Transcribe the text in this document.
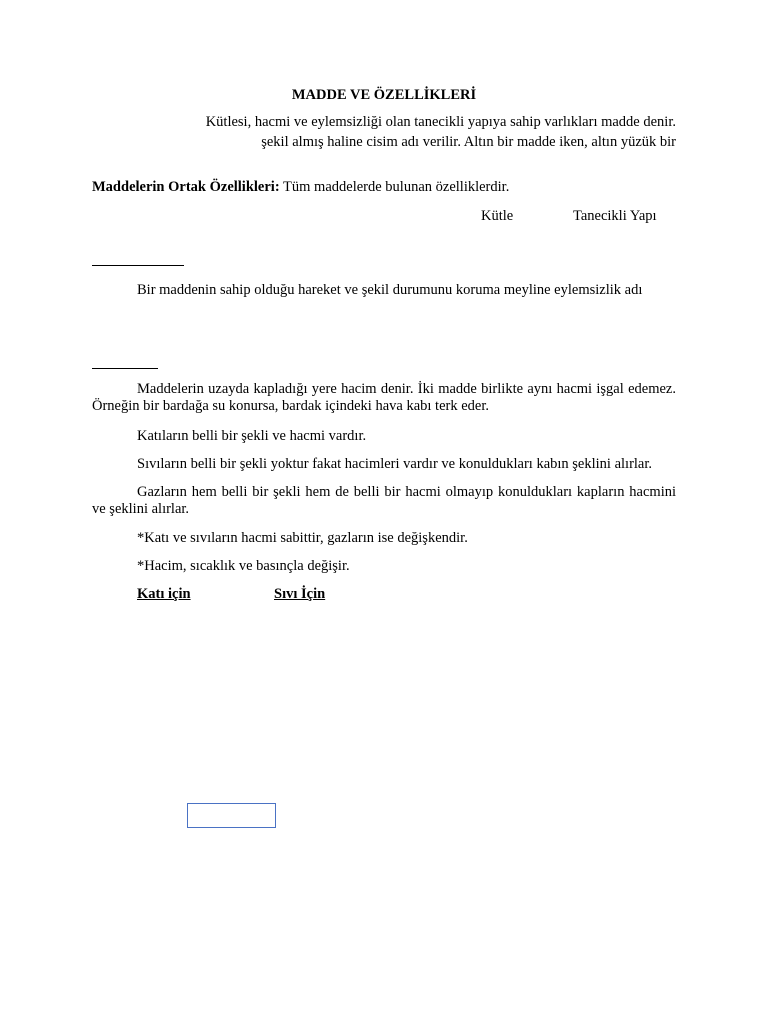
MADDE VE ÖZELLİKLERİ
Kütlesi, hacmi ve eylemsizliği olan tanecikli yapıya sahip varlıkları madde denir.
şekil almış haline cisim adı verilir. Altın bir madde iken, altın yüzük bir
Maddelerin Ortak Özellikleri: Tüm maddelerde bulunan özelliklerdir.
Kütle	Tanecikli Yapı
Bir maddenin sahip olduğu hareket ve şekil durumunu koruma meyline eylemsizlik adı
Maddelerin uzayda kapladığı yere hacim denir. İki madde birlikte aynı hacmi işgal edemez. Örneğin bir bardağa su konursa, bardak içindeki hava kabı terk eder.
Katıların belli bir şekli ve hacmi vardır.
Sıvıların belli bir şekli yoktur fakat hacimleri vardır ve konuldukları kabın şeklini alırlar.
Gazların hem belli bir şekli hem de belli bir hacmi olmayıp konuldukları kapların hacmini ve şeklini alırlar.
*Katı ve sıvıların hacmi sabittir, gazların ise değişkendir.
*Hacim, sıcaklık ve basınçla değişir.
Katı için	Sıvı İçin
